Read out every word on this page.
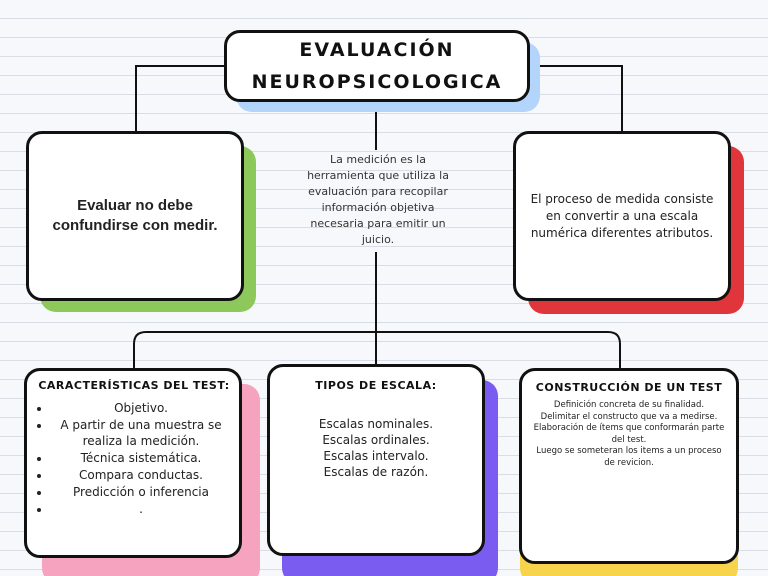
EVALUACIÓN
NEUROPSICOLOGICA
Evaluar no debe confundirse con medir.
La medición es la herramienta que utiliza la evaluación para recopilar información objetiva necesaria para emitir un juicio.
El proceso de medida consiste en convertir a una escala numérica diferentes atributos.
CARACTERÍSTICAS DEL TEST:
• Objetivo.
• A partir de una muestra se realiza la medición.
• Técnica sistemática.
• Compara conductas.
• Predicción o inferencia
• .
TIPOS DE ESCALA:
Escalas nominales.
Escalas ordinales.
Escalas intervalo.
Escalas de razón.
CONSTRUCCIÓN DE UN TEST
Definición concreta de su finalidad.
Delimitar el constructo que va a medirse.
Elaboración de ítems que conformarán parte del test.
Luego se someteran los items a un proceso de revicion.
